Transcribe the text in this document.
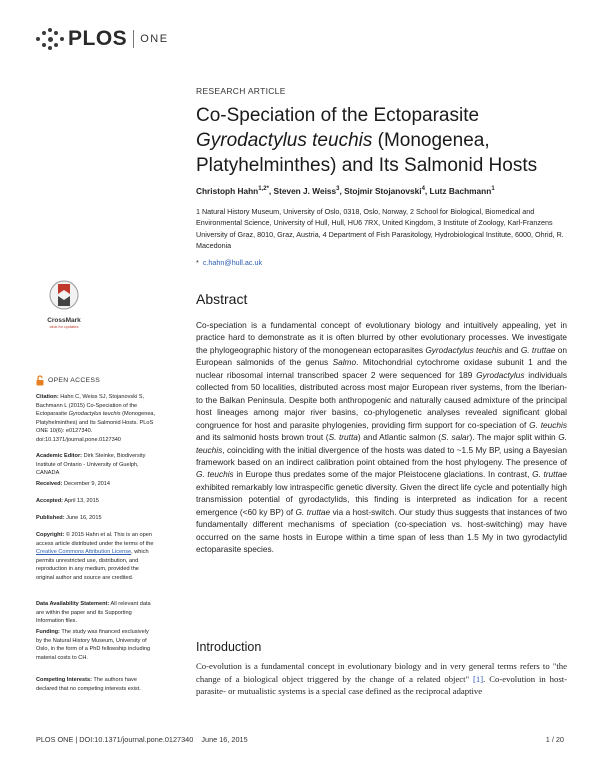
PLOS ONE
RESEARCH ARTICLE
Co-Speciation of the Ectoparasite
Gyrodactylus teuchis (Monogenea,
Platyhelminthes) and Its Salmonid Hosts
Christoph Hahn$^{1,2*}$, Steven J. Weiss$^3$, Stojmir Stojanovski$^4$, Lutz Bachmann$^1$
1 Natural History Museum, University of Oslo, 0318, Oslo, Norway, 2 School for Biological, Biomedical and Environmental Science, University of Hull, Hull, HU6 7RX, United Kingdom, 3 Institute of Zoology, Karl-Franzens University of Graz, 8010, Graz, Austria, 4 Department of Fish Parasitology, Hydrobiological Institute, 6000, Ohrid, R. Macedonia
* c.hahn@hull.ac.uk
Abstract
Co-speciation is a fundamental concept of evolutionary biology and intuitively appealing, yet in practice hard to demonstrate as it is often blurred by other evolutionary processes. We investigate the phylogeographic history of the monogenean ectoparasites Gyrodactylus teuchis and G. truttae on European salmonids of the genus Salmo. Mitochondrial cytochrome oxidase subunit 1 and the nuclear ribosomal internal transcribed spacer 2 were sequenced for 189 Gyrodactylus individuals collected from 50 localities, distributed across most major European river systems, from the Iberian- to the Balkan Peninsula. Despite both anthropogenic and naturally caused admixture of the principal host lineages among major river basins, co-phylogenetic analyses revealed significant global congruence for host and parasite phylogenies, providing firm support for co-speciation of G. teuchis and its salmonid hosts brown trout (S. trutta) and Atlantic salmon (S. salar). The major split within G. teuchis, coinciding with the initial divergence of the hosts was dated to ~1.5 My BP, using a Bayesian framework based on an indirect calibration point obtained from the host phylogeny. The presence of G. teuchis in Europe thus predates some of the major Pleistocene glaciations. In contrast, G. truttae exhibited remarkably low intraspecific genetic diversity. Given the direct life cycle and potentially high transmission potential of gyrodactylids, this finding is interpreted as indication for a recent emergence (<60 ky BP) of G. truttae via a host-switch. Our study thus suggests that instances of two fundamentally different mechanisms of speciation (co-speciation vs. host-switching) may have occurred on the same hosts in Europe within a time span of less than 1.5 My in two gyrodactylid ectoparasite species.
CrossMark
click for updates
OPEN ACCESS
Citation: Hahn C, Weiss SJ, Stojanovski S, Bachmann L (2015) Co-Speciation of the Ectoparasite Gyrodactylus teuchis (Monogenea, Platyhelminthes) and Its Salmonid Hosts. PLoS ONE 10(6): e0127340. doi:10.1371/journal.pone.0127340
Academic Editor: Dirk Steinke, Biodiversity Institute of Ontario - University of Guelph, CANADA
Received: December 9, 2014
Accepted: April 13, 2015
Published: June 16, 2015
Copyright: © 2015 Hahn et al. This is an open access article distributed under the terms of the Creative Commons Attribution License, which permits unrestricted use, distribution, and reproduction in any medium, provided the original author and source are credited.
Data Availability Statement: All relevant data are within the paper and its Supporting Information files.
Funding: The study was financed exclusively by the Natural History Museum, University of Oslo, in the form of a PhD fellowship including material costs to CH.
Competing Interests: The authors have declared that no competing interests exist.
Introduction
Co-evolution is a fundamental concept in evolutionary biology and in very general terms refers to "the change of a biological object triggered by the change of a related object" [1]. Co-evolution in host-parasite- or mutualistic systems is a special case defined as the reciprocal adaptive
PLOS ONE | DOI:10.1371/journal.pone.0127340    June 16, 2015	1 / 20
